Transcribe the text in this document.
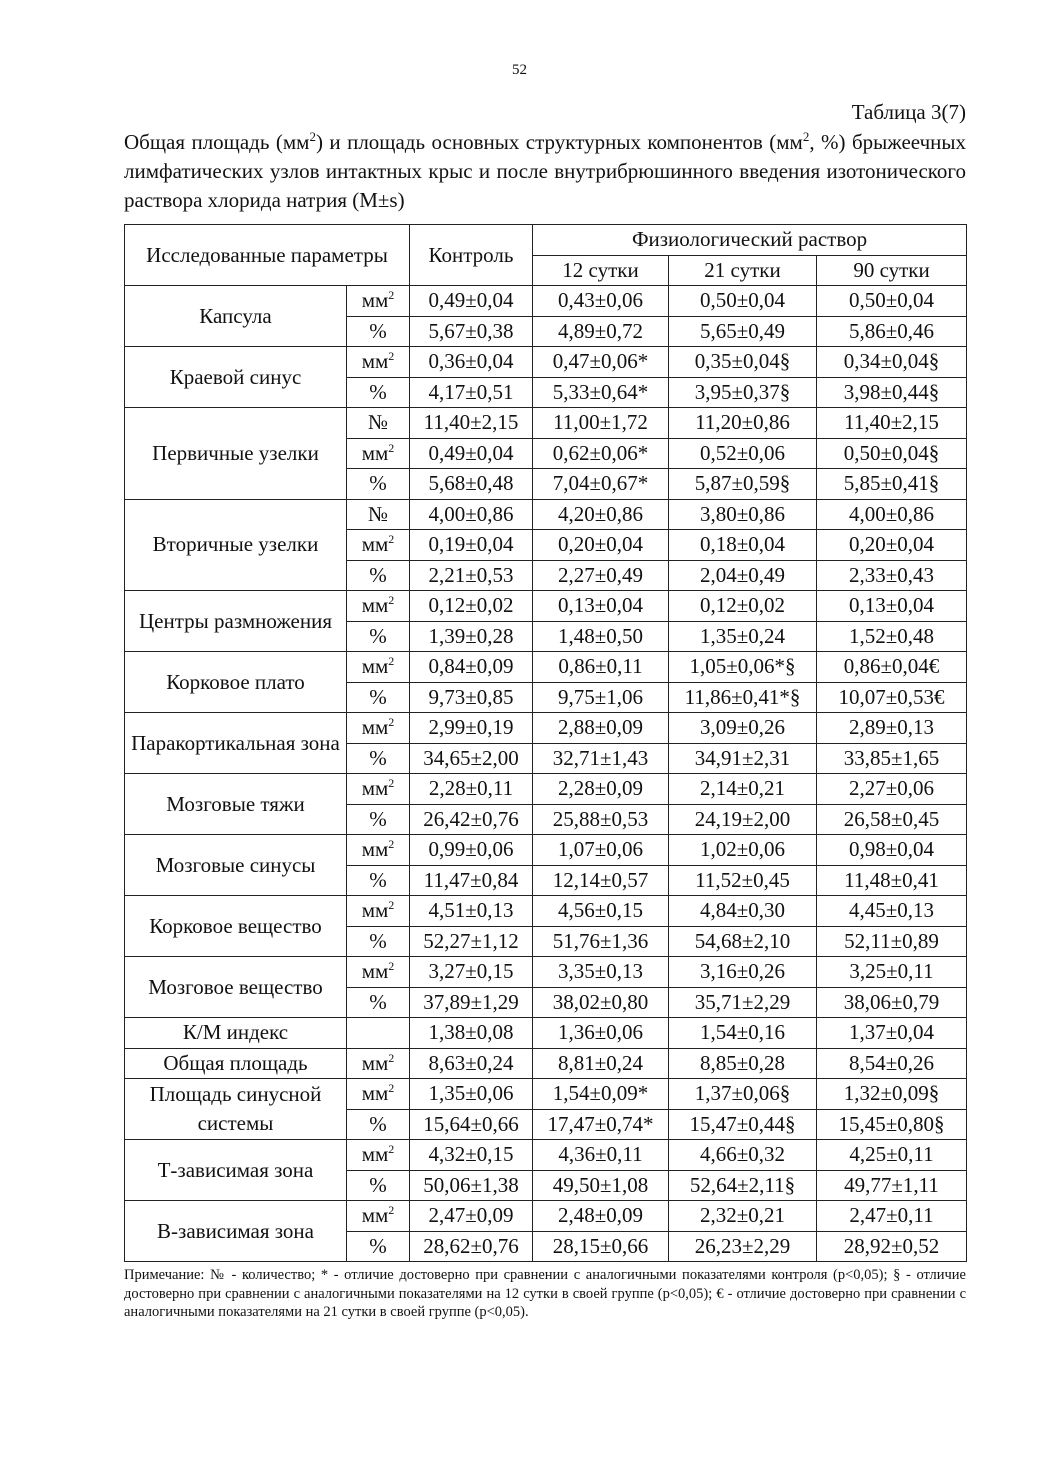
52
Таблица 3(7)
Общая площадь $(мм^2)$ и площадь основных структурных компонентов ($мм^2$, %) брыжеечных лимфатических узлов интактных крыс и после внутрибрюшинного введения изотонического раствора хлорида натрия (M±s)
Исследованные параметры		Контроль	Физиологический раствор		
			12 сутки	21 сутки	90 сутки
Капсула	$мм^2$	0,49±0,04	0,43±0,06	0,50±0,04	0,50±0,04
	%	5,67±0,38	4,89±0,72	5,65±0,49	5,86±0,46
Краевой синус	$мм^2$	0,36±0,04	0,47±0,06*	0,35±0,04§	0,34±0,04§
	%	4,17±0,51	5,33±0,64*	3,95±0,37§	3,98±0,44§
Первичные узелки	№	11,40±2,15	11,00±1,72	11,20±0,86	11,40±2,15
	$мм^2$	0,49±0,04	0,62±0,06*	0,52±0,06	0,50±0,04§
	%	5,68±0,48	7,04±0,67*	5,87±0,59§	5,85±0,41§
Вторичные узелки	№	4,00±0,86	4,20±0,86	3,80±0,86	4,00±0,86
	$мм^2$	0,19±0,04	0,20±0,04	0,18±0,04	0,20±0,04
	%	2,21±0,53	2,27±0,49	2,04±0,49	2,33±0,43
Центры размножения	$мм^2$	0,12±0,02	0,13±0,04	0,12±0,02	0,13±0,04
	%	1,39±0,28	1,48±0,50	1,35±0,24	1,52±0,48
Корковое плато	$мм^2$	0,84±0,09	0,86±0,11	1,05±0,06*§	0,86±0,04€
	%	9,73±0,85	9,75±1,06	11,86±0,41*§	10,07±0,53€
Паракортикальная зона	$мм^2$	2,99±0,19	2,88±0,09	3,09±0,26	2,89±0,13
	%	34,65±2,00	32,71±1,43	34,91±2,31	33,85±1,65
Мозговые тяжи	$мм^2$	2,28±0,11	2,28±0,09	2,14±0,21	2,27±0,06
	%	26,42±0,76	25,88±0,53	24,19±2,00	26,58±0,45
Мозговые синусы	$мм^2$	0,99±0,06	1,07±0,06	1,02±0,06	0,98±0,04
	%	11,47±0,84	12,14±0,57	11,52±0,45	11,48±0,41
Корковое вещество	$мм^2$	4,51±0,13	4,56±0,15	4,84±0,30	4,45±0,13
	%	52,27±1,12	51,76±1,36	54,68±2,10	52,11±0,89
Мозговое вещество	$мм^2$	3,27±0,15	3,35±0,13	3,16±0,26	3,25±0,11
	%	37,89±1,29	38,02±0,80	35,71±2,29	38,06±0,79
К/М индекс		1,38±0,08	1,36±0,06	1,54±0,16	1,37±0,04
Общая площадь	$мм^2$	8,63±0,24	8,81±0,24	8,85±0,28	8,54±0,26
Площадь синусной системы	$мм^2$	1,35±0,06	1,54±0,09*	1,37±0,06§	1,32±0,09§
	%	15,64±0,66	17,47±0,74*	15,47±0,44§	15,45±0,80§
Т-зависимая зона	$мм^2$	4,32±0,15	4,36±0,11	4,66±0,32	4,25±0,11
	%	50,06±1,38	49,50±1,08	52,64±2,11§	49,77±1,11
В-зависимая зона	$мм^2$	2,47±0,09	2,48±0,09	2,32±0,21	2,47±0,11
	%	28,62±0,76	28,15±0,66	26,23±2,29	28,92±0,52
Примечание: № - количество; * - отличие достоверно при сравнении с аналогичными показателями контроля (p<0,05); § - отличие достоверно при сравнении с аналогичными показателями на 12 сутки в своей группе (p<0,05); € - отличие достоверно при сравнении с аналогичными показателями на 21 сутки в своей группе (p<0,05).
